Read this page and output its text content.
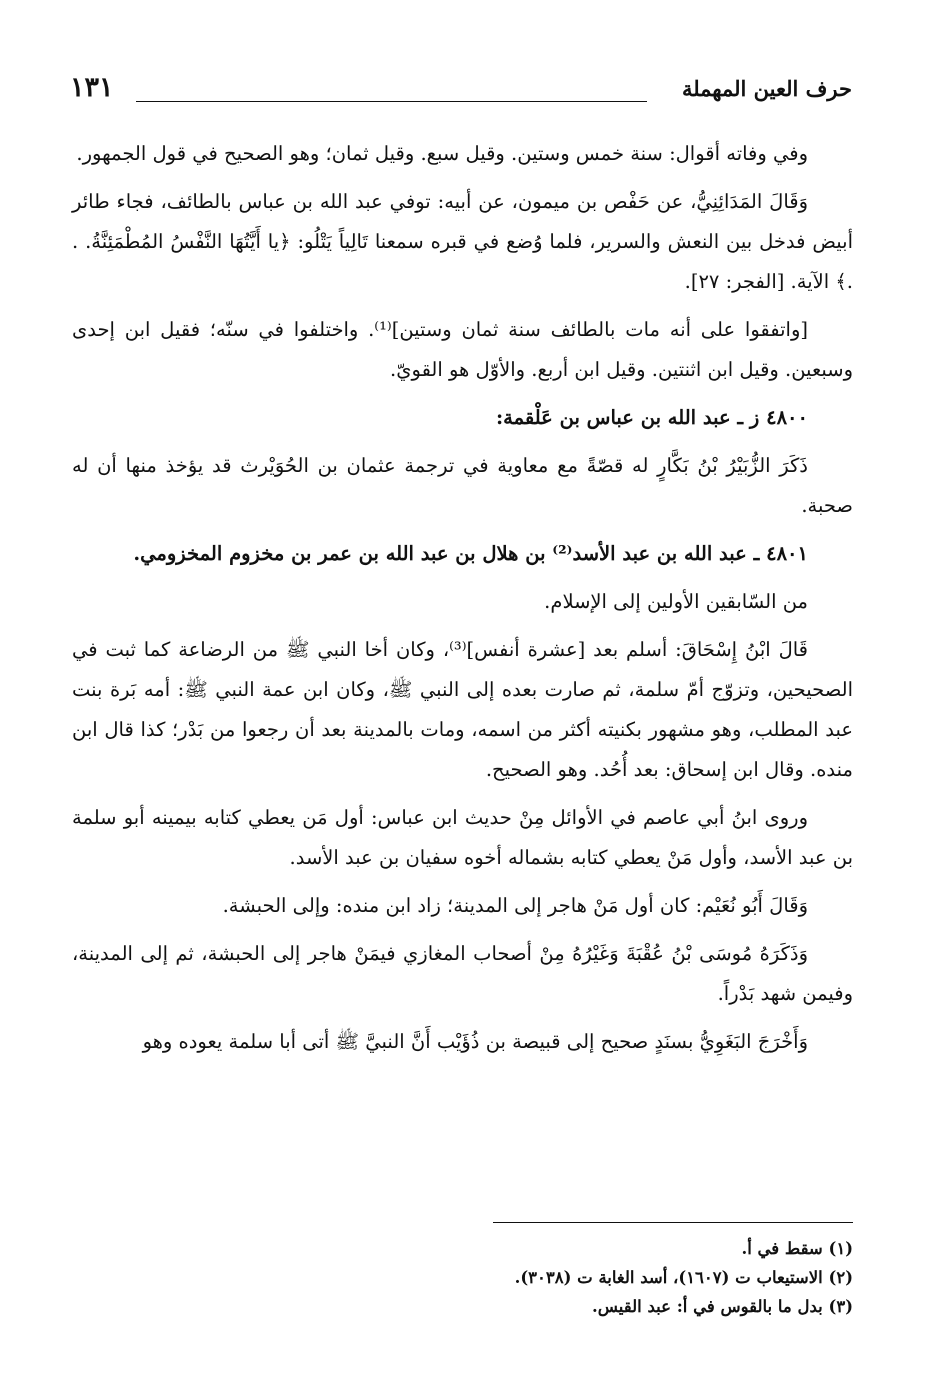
حرف العين المهملة
١٣١

وفي وفاته أقوال: سنة خمس وستين. وقيل سبع. وقيل ثمان؛ وهو الصحيح في قول الجمهور.

وَقَالَ المَدَائِنِيُّ، عن حَفْص بن ميمون، عن أبيه: توفي عبد الله بن عباس بالطائف، فجاء طائر أبيض فدخل بين النعش والسرير، فلما وُضع في قبره سمعنا تَالِياً يَتْلُو: ﴿يا أَيَّتُهَا النَّفْسُ المُطْمَئِنَّةُ. . .﴾ الآية. [الفجر: ٢٧].

[واتفقوا على أنه مات بالطائف سنة ثمان وستين]⁽¹⁾. واختلفوا في سنّه؛ فقيل ابن إحدى وسبعين. وقيل ابن اثنتين. وقيل ابن أربع. والأوّل هو القويّ.

٤٨٠٠ ز ـ عبد الله بن عباس بن عَلْقمة:

ذَكَرَ الزُّبَيْرُ بْنُ بَكَّارٍ له قصّةً مع معاوية في ترجمة عثمان بن الحُوَيْرث قد يؤخذ منها أن له صحبة.

٤٨٠١ ـ عبد الله بن عبد الأسد⁽²⁾ بن هلال بن عبد الله بن عمر بن مخزوم المخزومي.

من السّابقين الأولين إلى الإسلام.

قَالَ ابْنُ إِسْحَاقَ: أسلم بعد [عشرة أنفس]⁽³⁾، وكان أخا النبي ﷺ من الرضاعة كما ثبت في الصحيحين، وتزوّج أمّ سلمة، ثم صارت بعده إلى النبي ﷺ، وكان ابن عمة النبي ﷺ: أمه بَرة بنت عبد المطلب، وهو مشهور بكنيته أكثر من اسمه، ومات بالمدينة بعد أن رجعوا من بَدْر؛ كذا قال ابن منده. وقال ابن إسحاق: بعد أُحُد. وهو الصحيح.

وروى ابنُ أبي عاصم في الأوائل مِنْ حديث ابن عباس: أول مَن يعطي كتابه بيمينه أبو سلمة بن عبد الأسد، وأول مَنْ يعطي كتابه بشماله أخوه سفيان بن عبد الأسد.

وَقَالَ أَبُو نُعَيْم: كان أول مَنْ هاجر إلى المدينة؛ زاد ابن منده: وإلى الحبشة.

وَذَكَرَهُ مُوسَى بْنُ عُقْبَةَ وَغَيْرُهُ مِنْ أصحاب المغازي فيمَنْ هاجر إلى الحبشة، ثم إلى المدينة، وفيمن شهد بَدْراً.

وَأَخْرَجَ البَغَوِيُّ بسنَدٍ صحيح إلى قبيصة بن ذُؤَيْب أَنَّ النبيَّ ﷺ أتى أبا سلمة يعوده وهو

(١) سقط في أ.

(٢) الاستيعاب ت (١٦٠٧)، أسد الغابة ت (٣٠٣٨).

(٣) بدل ما بالقوس في أ: عبد القيس.
